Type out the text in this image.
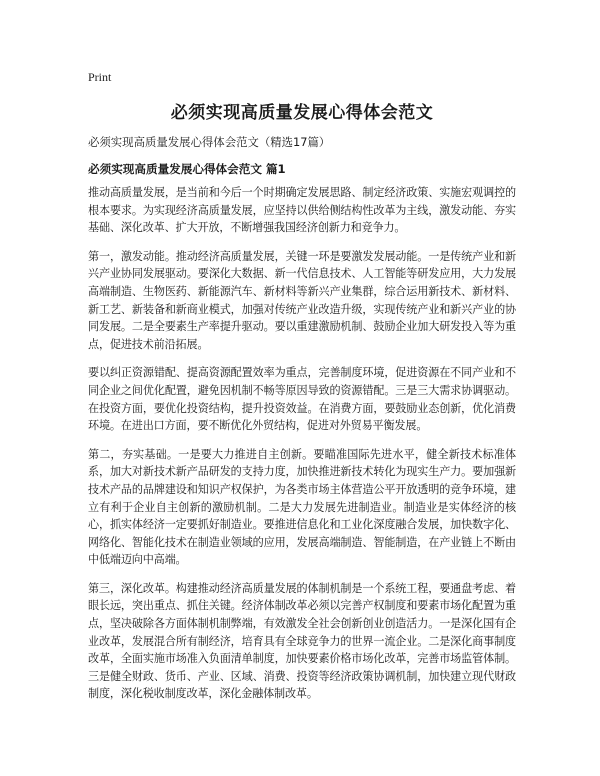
Print
必须实现高质量发展心得体会范文

必须实现高质量发展心得体会范文（精选17篇）

必须实现高质量发展心得体会范文 篇1

推动高质量发展，是当前和今后一个时期确定发展思路、制定经济政策、实施宏观调控的根本要求。为实现经济高质量发展，应坚持以供给侧结构性改革为主线，激发动能、夯实基础、深化改革、扩大开放，不断增强我国经济创新力和竞争力。

第一，激发动能。推动经济高质量发展，关键一环是要激发发展动能。一是传统产业和新兴产业协同发展驱动。要深化大数据、新一代信息技术、人工智能等研发应用，大力发展高端制造、生物医药、新能源汽车、新材料等新兴产业集群，综合运用新技术、新材料、新工艺、新装备和新商业模式，加强对传统产业改造升级，实现传统产业和新兴产业的协同发展。二是全要素生产率提升驱动。要以重建激励机制、鼓励企业加大研发投入等为重点，促进技术前沿拓展。

要以纠正资源错配、提高资源配置效率为重点，完善制度环境，促进资源在不同产业和不同企业之间优化配置，避免因机制不畅等原因导致的资源错配。三是三大需求协调驱动。在投资方面，要优化投资结构，提升投资效益。在消费方面，要鼓励业态创新，优化消费环境。在进出口方面，要不断优化外贸结构，促进对外贸易平衡发展。

第二，夯实基础。一是要大力推进自主创新。要瞄准国际先进水平，健全新技术标准体系，加大对新技术新产品研发的支持力度，加快推进新技术转化为现实生产力。要加强新技术产品的品牌建设和知识产权保护，为各类市场主体营造公平开放透明的竞争环境，建立有利于企业自主创新的激励机制。二是大力发展先进制造业。制造业是实体经济的核心，抓实体经济一定要抓好制造业。要推进信息化和工业化深度融合发展，加快数字化、网络化、智能化技术在制造业领域的应用，发展高端制造、智能制造，在产业链上不断由中低端迈向中高端。

第三，深化改革。构建推动经济高质量发展的体制机制是一个系统工程，要通盘考虑、着眼长远，突出重点、抓住关键。经济体制改革必须以完善产权制度和要素市场化配置为重点，坚决破除各方面体制机制弊端，有效激发全社会创新创业创造活力。一是深化国有企业改革，发展混合所有制经济，培育具有全球竞争力的世界一流企业。二是深化商事制度改革，全面实施市场准入负面清单制度，加快要素价格市场化改革，完善市场监管体制。三是健全财政、货币、产业、区域、消费、投资等经济政策协调机制，加快建立现代财政制度，深化税收制度改革，深化金融体制改革。
